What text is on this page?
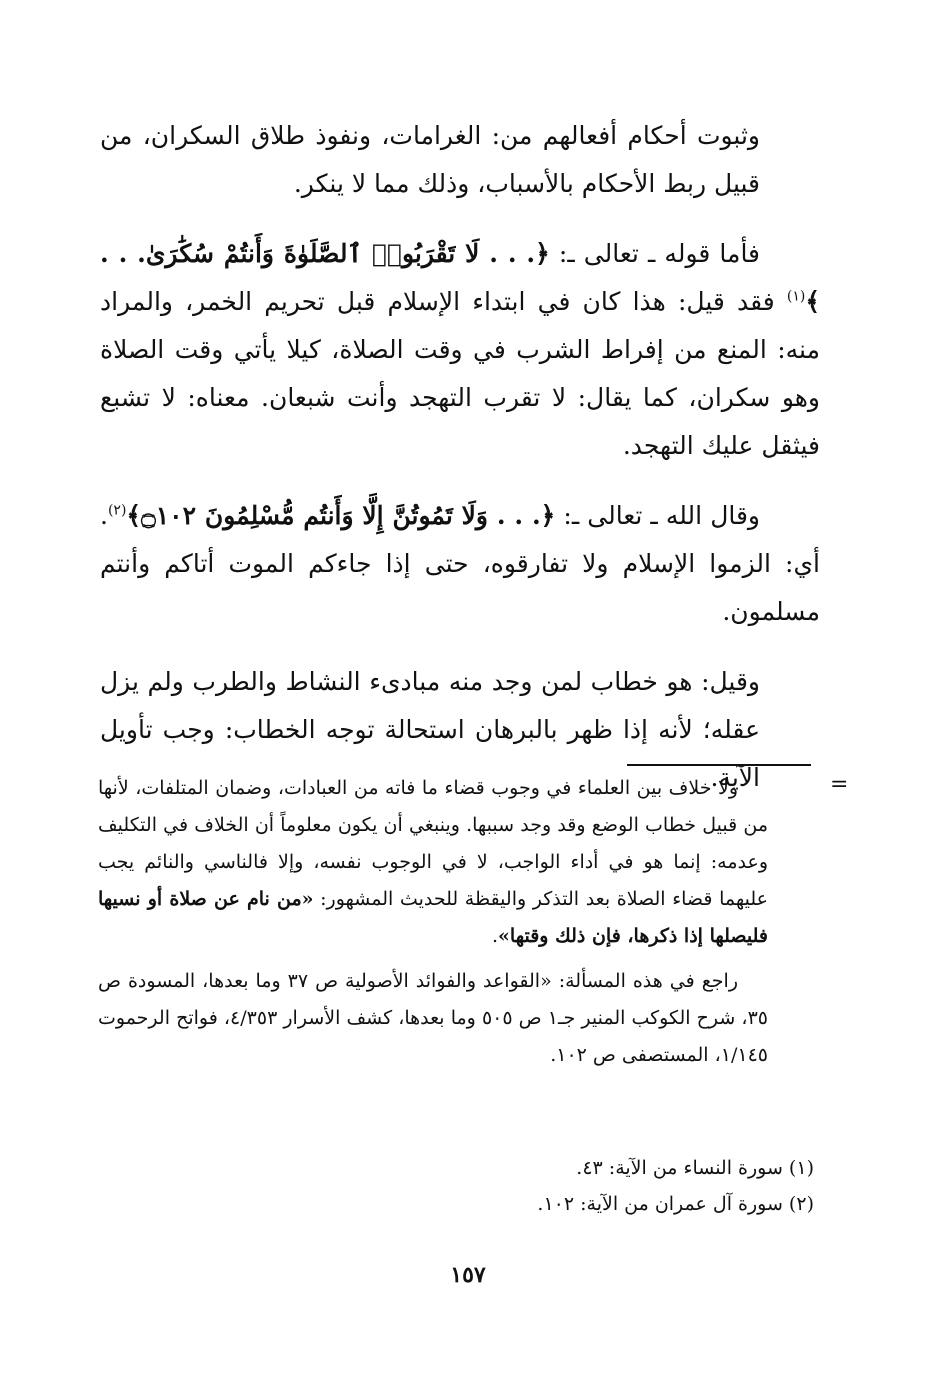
وثبوت أحكام أفعالهم من: الغرامات، ونفوذ طلاق السكران، من قبيل ربط الأحكام بالأسباب، وذلك مما لا ينكر.

فأما قوله ـ تعالى ـ: ﴿. . . لَا تَقْرَبُوا۟ ٱلصَّلَوٰةَ وَأَنتُمْ سُكَٰرَىٰ. . . ﴾$^{(١)}$ فقد قيل: هذا كان في ابتداء الإسلام قبل تحريم الخمر، والمراد منه: المنع من إفراط الشرب في وقت الصلاة، كيلا يأتي وقت الصلاة وهو سكران، كما يقال: لا تقرب التهجد وأنت شبعان. معناه: لا تشبع فيثقل عليك التهجد.

وقال الله ـ تعالى ـ: ﴿. . . وَلَا تَمُوتُنَّ إِلَّا وَأَنتُم مُّسْلِمُونَ ۝١٠٢﴾$^{(٢)}$. أي: الزموا الإسلام ولا تفارقوه، حتى إذا جاءكم الموت أتاكم وأنتم مسلمون.

وقيل: هو خطاب لمن وجد منه مبادىء النشاط والطرب ولم يزل عقله؛ لأنه إذا ظهر بالبرهان استحالة توجه الخطاب: وجب تأويل الآية.	=

ولا خلاف بين العلماء في وجوب قضاء ما فاته من العبادات، وضمان المتلفات، لأنها من قبيل خطاب الوضع وقد وجد سببها. وينبغي أن يكون معلوماً أن الخلاف في التكليف وعدمه: إنما هو في أداء الواجب، لا في الوجوب نفسه، وإلا فالناسي والنائم يجب عليهما قضاء الصلاة بعد التذكر واليقظة للحديث المشهور: «من نام عن صلاة أو نسيها فليصلها إذا ذكرها، فإن ذلك وقتها».

راجع في هذه المسألة: «القواعد والفوائد الأصولية ص ٣٧ وما بعدها، المسودة ص ٣٥، شرح الكوكب المنير جـ١ ص ٥٠٥ وما بعدها، كشف الأسرار ٤/٣٥٣، فواتح الرحموت ١/١٤٥، المستصفى ص ١٠٢.

(١) سورة النساء من الآية: ٤٣.

(٢) سورة آل عمران من الآية: ١٠٢.

١٥٧
